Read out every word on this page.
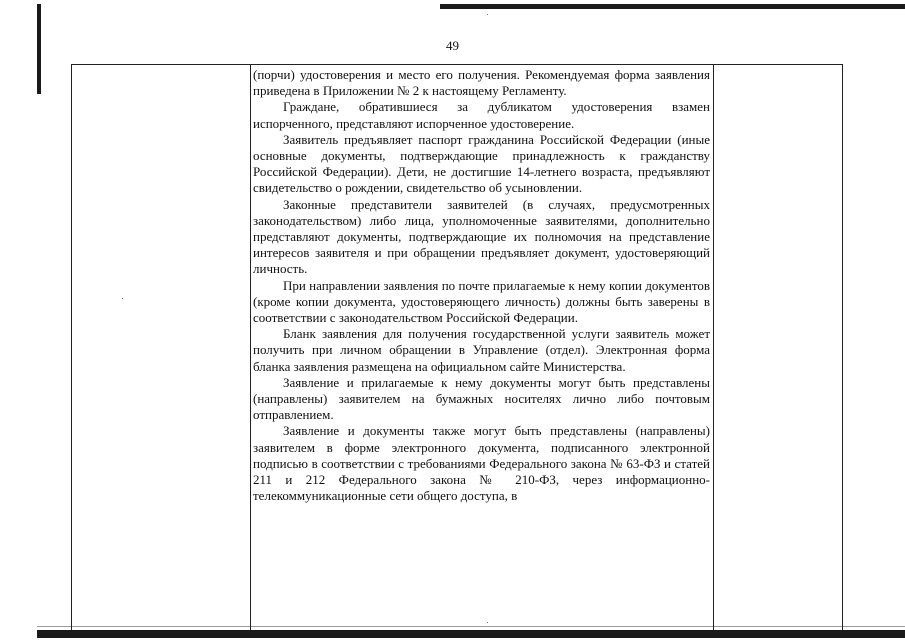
49

(порчи) удостоверения и место его получения. Рекомендуемая форма заявления приведена в Приложении № 2 к настоящему Регламенту.

Граждане, обратившиеся за дубликатом удостоверения взамен испорченного, представляют испорченное удостоверение.

Заявитель предъявляет паспорт гражданина Российской Федерации (иные основные документы, подтверждающие принадлежность к гражданству Российской Федерации). Дети, не достигшие 14-летнего возраста, предъявляют свидетельство о рождении, свидетельство об усыновлении.

Законные представители заявителей (в случаях, предусмотренных законодательством) либо лица, уполномоченные заявителями, дополнительно представляют документы, подтверждающие их полномочия на представление интересов заявителя и при обращении предъявляет документ, удостоверяющий личность.

При направлении заявления по почте прилагаемые к нему копии документов (кроме копии документа, удостоверяющего личность) должны быть заверены в соответствии с законодательством Российской Федерации.

Бланк заявления для получения государственной услуги заявитель может получить при личном обращении в Управление (отдел). Электронная форма бланка заявления размещена на официальном сайте Министерства.

Заявление и прилагаемые к нему документы могут быть представлены (направлены) заявителем на бумажных носителях лично либо почтовым отправлением.

Заявление и документы также могут быть представлены (направлены) заявителем в форме электронного документа, подписанного электронной подписью в соответствии с требованиями Федерального закона № 63-ФЗ и статей 211 и 212 Федерального закона № 210-ФЗ, через информационно-телекоммуникационные сети общего доступа, в
